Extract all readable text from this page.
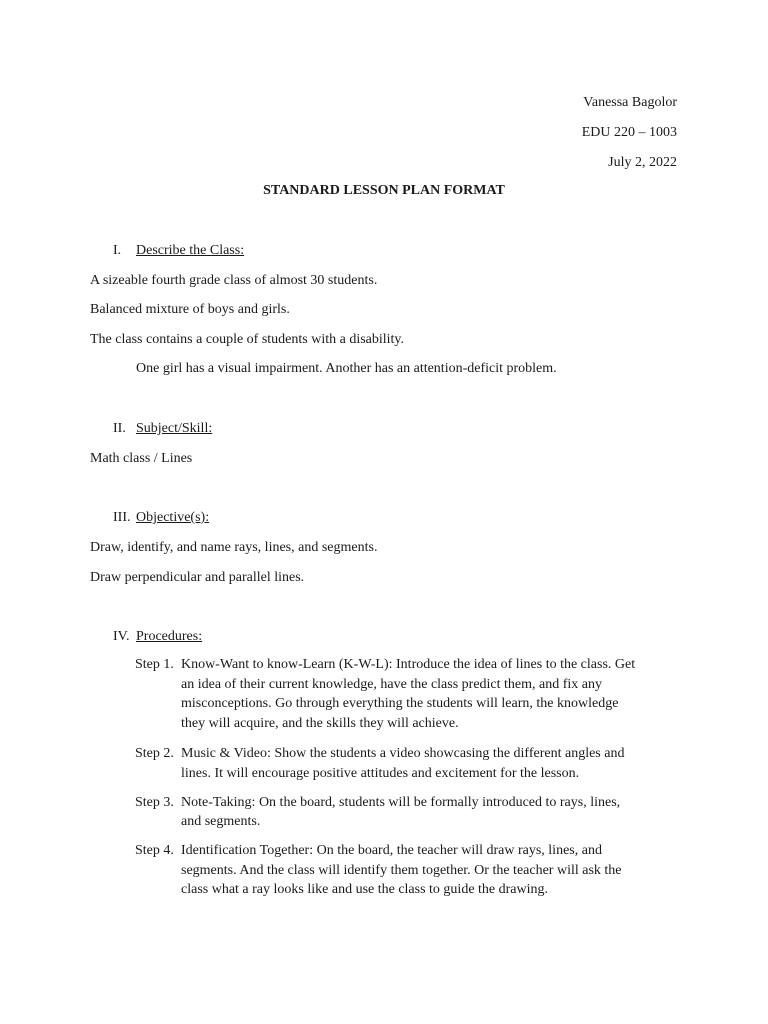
Vanessa Bagolor
EDU 220 – 1003
July 2, 2022
STANDARD LESSON PLAN FORMAT
I. Describe the Class:
A sizeable fourth grade class of almost 30 students.
Balanced mixture of boys and girls.
The class contains a couple of students with a disability.
One girl has a visual impairment. Another has an attention-deficit problem.
II. Subject/Skill:
Math class / Lines
III. Objective(s):
Draw, identify, and name rays, lines, and segments.
Draw perpendicular and parallel lines.
IV. Procedures:
Step 1. Know-Want to know-Learn (K-W-L): Introduce the idea of lines to the class. Get
an idea of their current knowledge, have the class predict them, and fix any
misconceptions. Go through everything the students will learn, the knowledge
they will acquire, and the skills they will achieve.
Step 2. Music & Video: Show the students a video showcasing the different angles and
lines. It will encourage positive attitudes and excitement for the lesson.
Step 3. Note-Taking: On the board, students will be formally introduced to rays, lines,
and segments.
Step 4. Identification Together: On the board, the teacher will draw rays, lines, and
segments. And the class will identify them together. Or the teacher will ask the
class what a ray looks like and use the class to guide the drawing.
